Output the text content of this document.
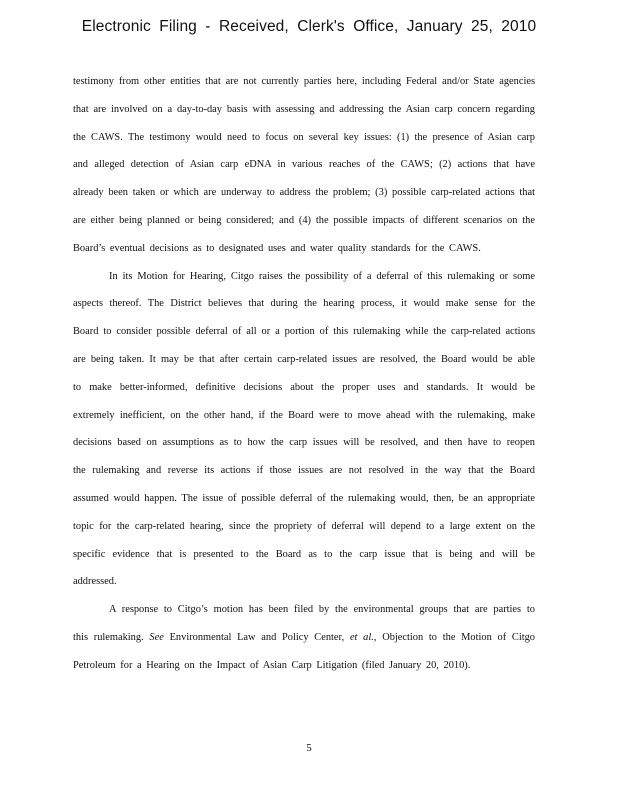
Electronic Filing - Received, Clerk's Office, January 25, 2010

testimony from other entities that are not currently parties here, including Federal and/or State agencies that are involved on a day-to-day basis with assessing and addressing the Asian carp concern regarding the CAWS. The testimony would need to focus on several key issues: (1) the presence of Asian carp and alleged detection of Asian carp eDNA in various reaches of the CAWS; (2) actions that have already been taken or which are underway to address the problem; (3) possible carp-related actions that are either being planned or being considered; and (4) the possible impacts of different scenarios on the Board’s eventual decisions as to designated uses and water quality standards for the CAWS.

In its Motion for Hearing, Citgo raises the possibility of a deferral of this rulemaking or some aspects thereof. The District believes that during the hearing process, it would make sense for the Board to consider possible deferral of all or a portion of this rulemaking while the carp-related actions are being taken. It may be that after certain carp-related issues are resolved, the Board would be able to make better-informed, definitive decisions about the proper uses and standards. It would be extremely inefficient, on the other hand, if the Board were to move ahead with the rulemaking, make decisions based on assumptions as to how the carp issues will be resolved, and then have to reopen the rulemaking and reverse its actions if those issues are not resolved in the way that the Board assumed would happen. The issue of possible deferral of the rulemaking would, then, be an appropriate topic for the carp-related hearing, since the propriety of deferral will depend to a large extent on the specific evidence that is presented to the Board as to the carp issue that is being and will be addressed.

A response to Citgo’s motion has been filed by the environmental groups that are parties to this rulemaking. See Environmental Law and Policy Center, et al., Objection to the Motion of Citgo Petroleum for a Hearing on the Impact of Asian Carp Litigation (filed January 20, 2010).

5
